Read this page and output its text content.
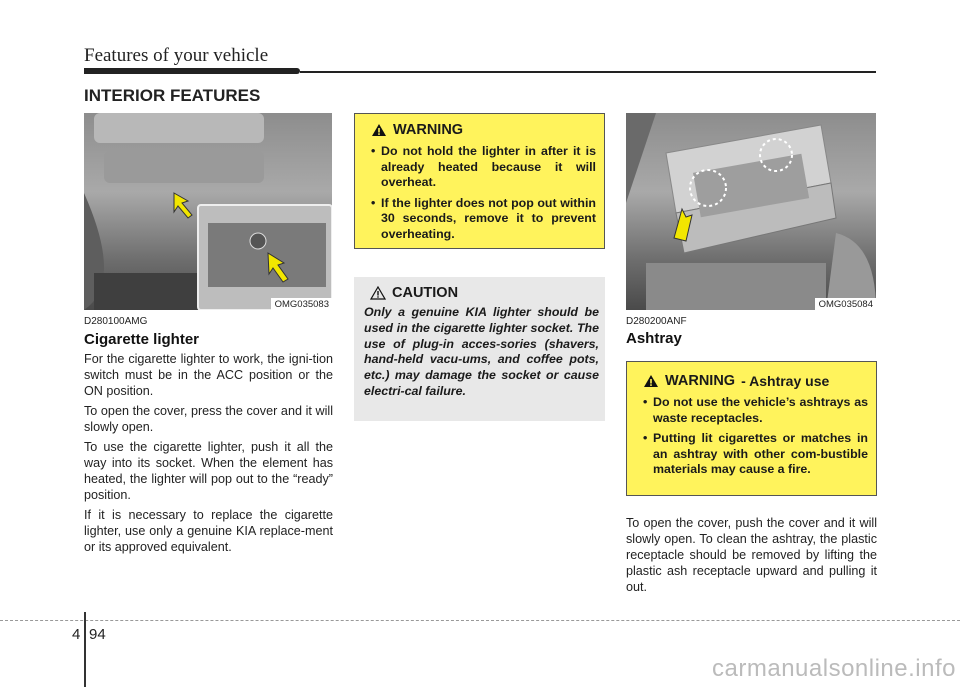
Features of your vehicle
INTERIOR FEATURES
OMG035083
D280100AMG
Cigarette lighter

For the cigarette lighter to work, the igni-tion switch must be in the ACC position or the ON position.

To open the cover, press the cover and it will slowly open.

To use the cigarette lighter, push it all the way into its socket. When the element has heated, the lighter will pop out to the “ready” position.

If it is necessary to replace the cigarette lighter, use only a genuine KIA replace-ment or its approved equivalent.

WARNING
• Do not hold the lighter in after it is already heated because it will overheat.
• If the lighter does not pop out within 30 seconds, remove it to prevent overheating.
CAUTION
Only a genuine KIA lighter should be used in the cigarette lighter socket. The use of plug-in acces-sories (shavers, hand-held vacu-ums, and coffee pots, etc.) may damage the socket or cause electri-cal failure.
OMG035084
D280200ANF
Ashtray
WARNING - Ashtray use
• Do not use the vehicle’s ashtrays as waste receptacles.
• Putting lit cigarettes or matches in an ashtray with other com-bustible materials may cause a fire.
To open the cover, push the cover and it will slowly open. To clean the ashtray, the plastic receptacle should be removed by lifting the plastic ash receptacle upward and pulling it out.
4 94
carmanualsonline.info
